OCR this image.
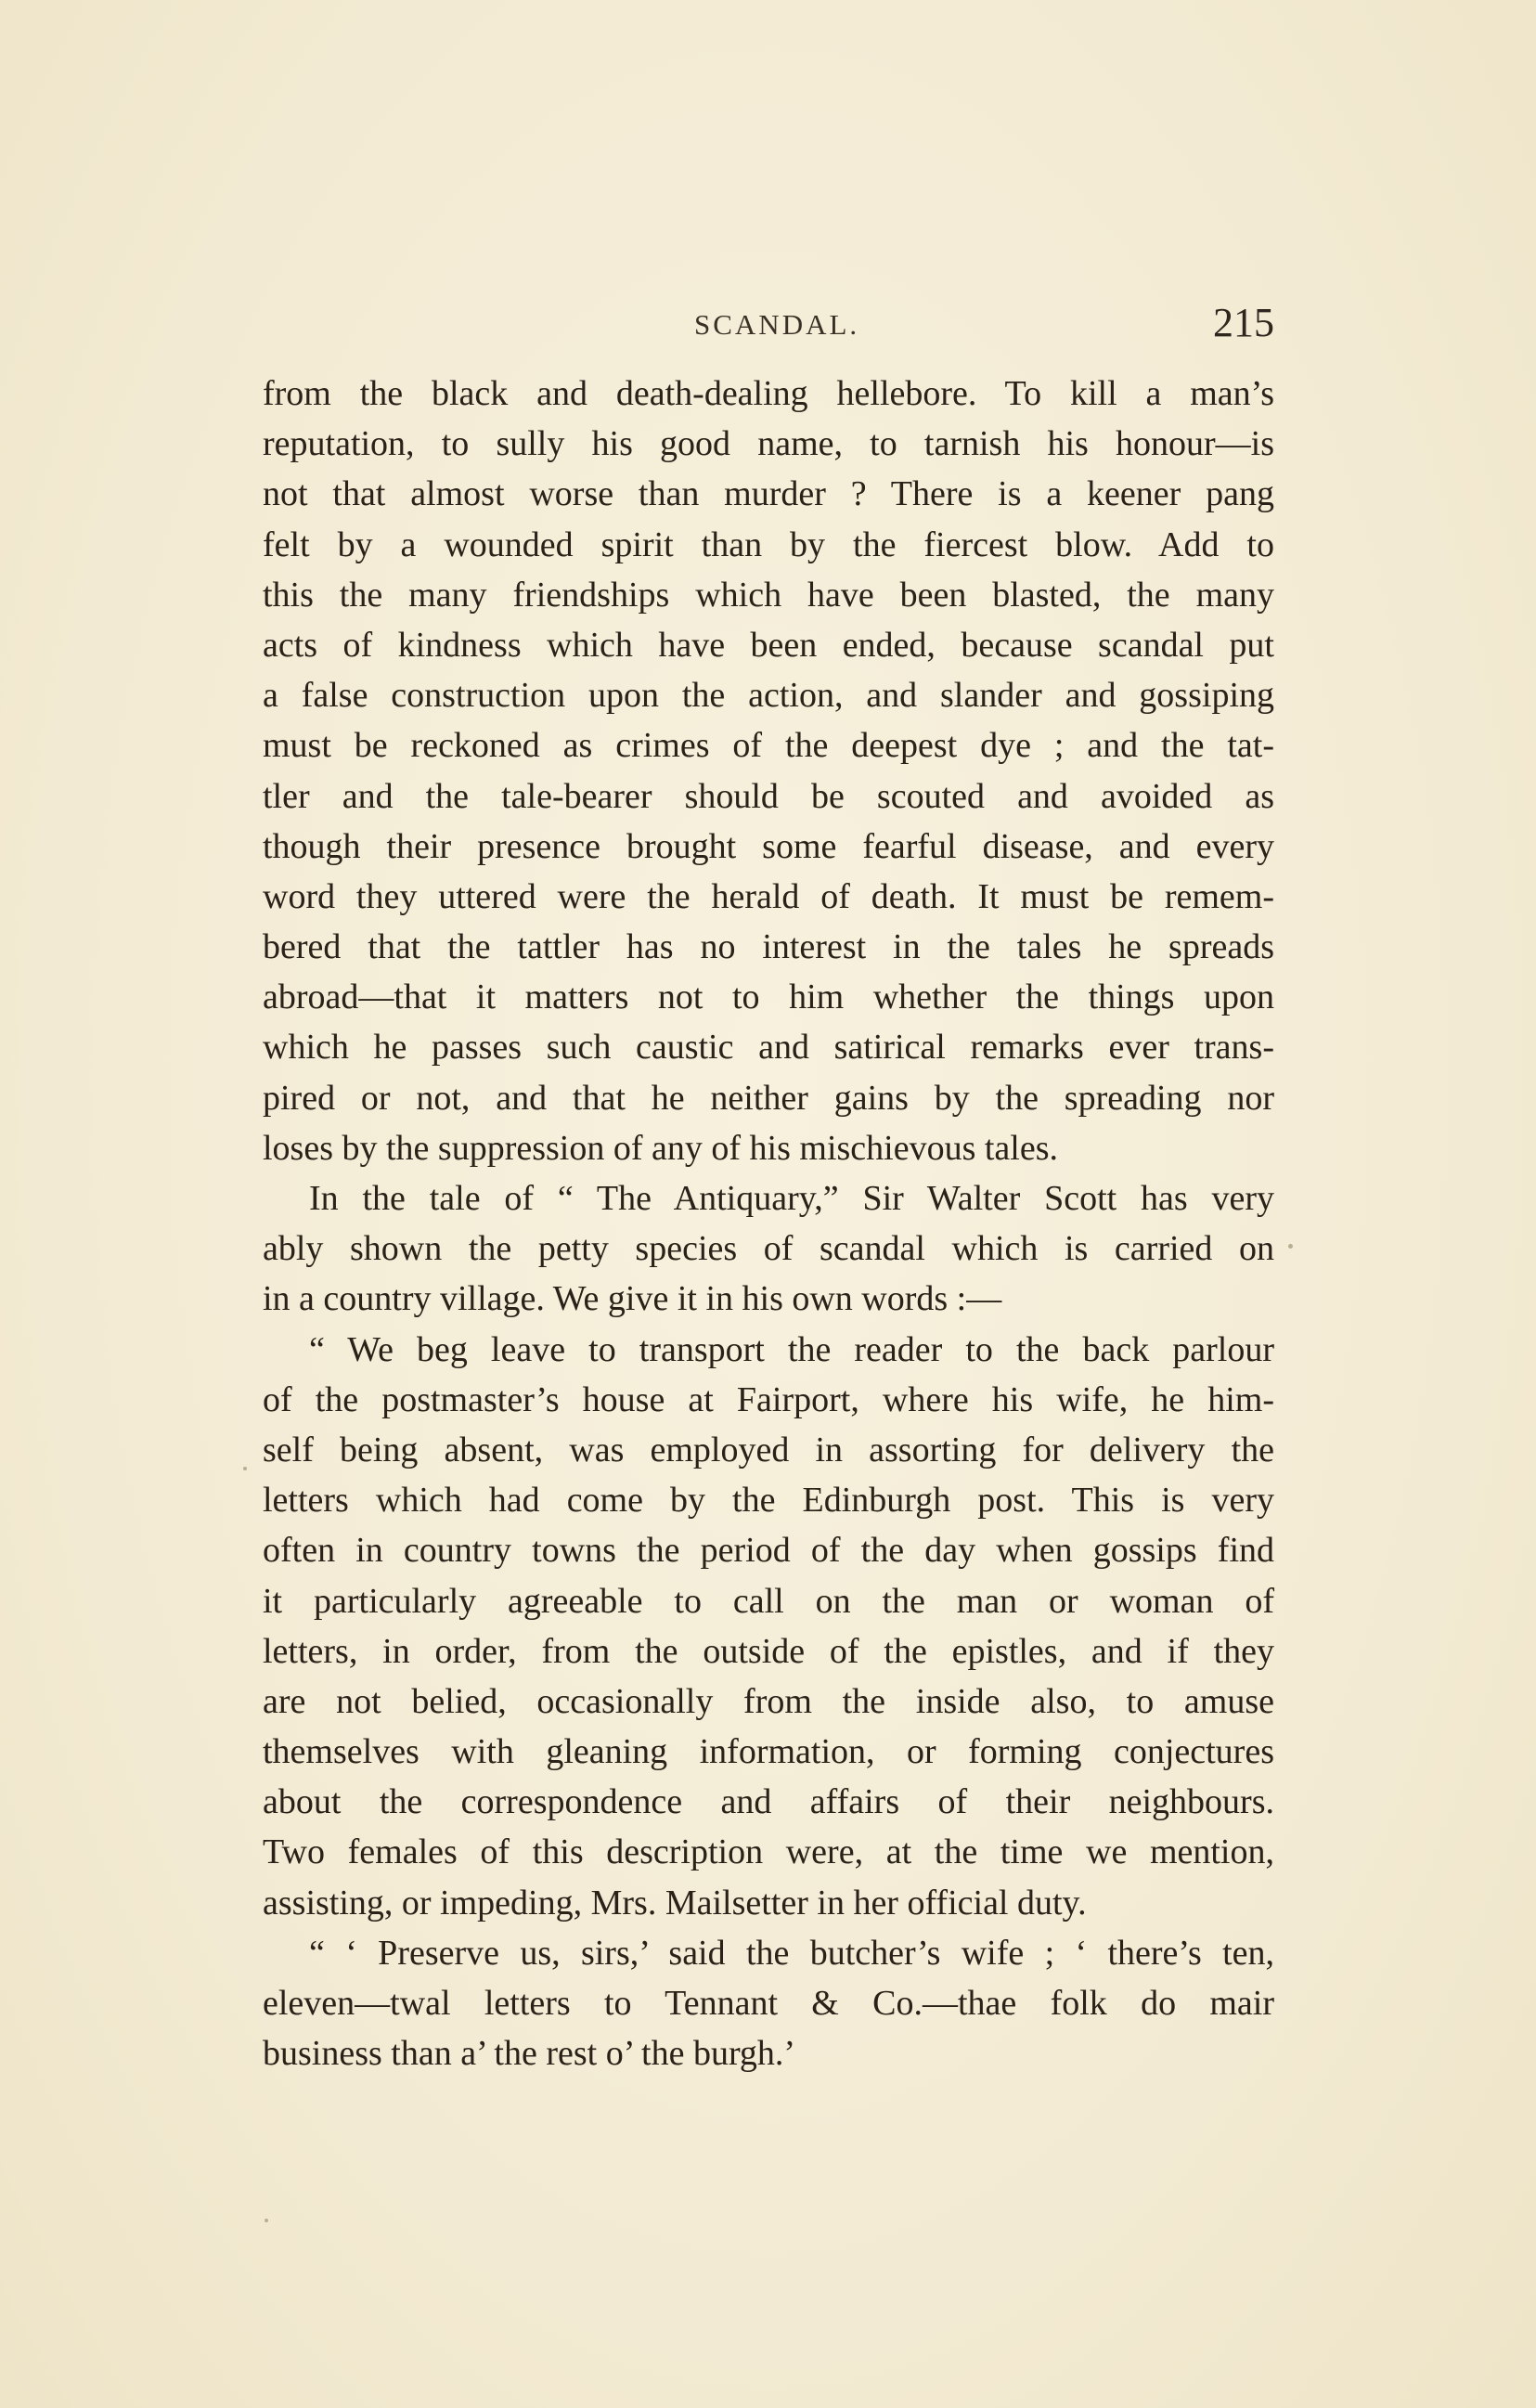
SCANDAL.	215
from the black and death-dealing hellebore. To kill a man’s
reputation, to sully his good name, to tarnish his honour—is
not that almost worse than murder ? There is a keener pang
felt by a wounded spirit than by the fiercest blow. Add to
this the many friendships which have been blasted, the many
acts of kindness which have been ended, because scandal put
a false construction upon the action, and slander and gossiping
must be reckoned as crimes of the deepest dye ; and the tat-
tler and the tale-bearer should be scouted and avoided as
though their presence brought some fearful disease, and every
word they uttered were the herald of death. It must be remem-
bered that the tattler has no interest in the tales he spreads
abroad—that it matters not to him whether the things upon
which he passes such caustic and satirical remarks ever trans-
pired or not, and that he neither gains by the spreading nor
loses by the suppression of any of his mischievous tales.
In the tale of “ The Antiquary,” Sir Walter Scott has very
ably shown the petty species of scandal which is carried on
in a country village. We give it in his own words :—
“ We beg leave to transport the reader to the back parlour
of the postmaster’s house at Fairport, where his wife, he him-
self being absent, was employed in assorting for delivery the
letters which had come by the Edinburgh post. This is very
often in country towns the period of the day when gossips find
it particularly agreeable to call on the man or woman of
letters, in order, from the outside of the epistles, and if they
are not belied, occasionally from the inside also, to amuse
themselves with gleaning information, or forming conjectures
about the correspondence and affairs of their neighbours.
Two females of this description were, at the time we mention,
assisting, or impeding, Mrs. Mailsetter in her official duty.
“ ‘ Preserve us, sirs,’ said the butcher’s wife ; ‘ there’s ten,
eleven—twal letters to Tennant & Co.—thae folk do mair
business than a’ the rest o’ the burgh.’
